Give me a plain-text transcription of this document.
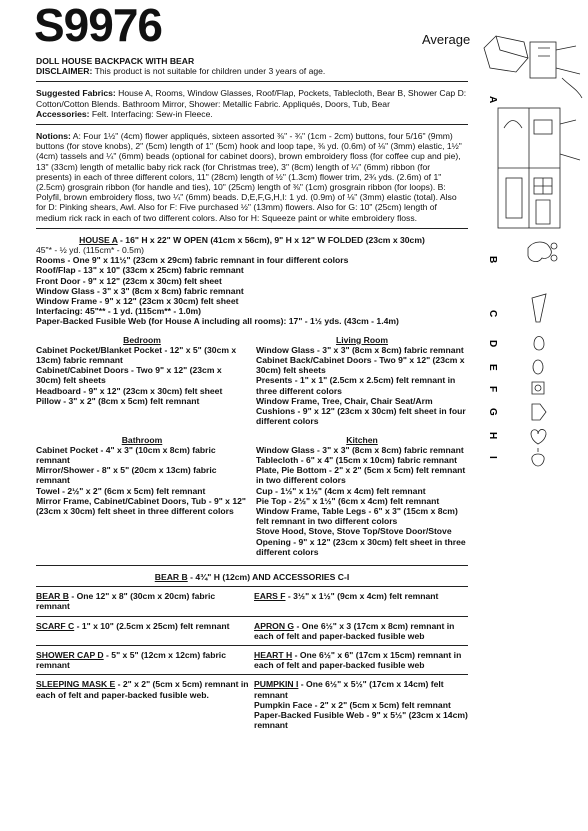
S9976	Average

DOLL HOUSE BACKPACK WITH BEAR

DISCLAIMER: This product is not suitable for children under 3 years of age.

Suggested Fabrics: House A, Rooms, Window Glasses, Roof/Flap, Pockets, Tablecloth, Bear B, Shower Cap D: Cotton/Cotton Blends. Bathroom Mirror, Shower: Metallic Fabric. Appliqués, Doors, Tub, Bear

Accessories: Felt. Interfacing: Sew-in Fleece.

Notions: A: Four 1½" (4cm) flower appliqués, sixteen assorted ⅜" - ¾" (1cm - 2cm) buttons, four 5/16" (9mm) buttons (for stove knobs), 2" (5cm) length of 1" (5cm) hook and loop tape, ⅜ yd. (0.6m) of ⅛" (3mm) elastic, 1½" (4cm) tassels and ¼" (6mm) beads (optional for cabinet doors), brown embroidery floss (for coffee cup and pie), 13" (33cm) length of metallic baby rick rack (for Christmas tree), 3" (8cm) length of ¼" (6mm) ribbon (for presents) in each of three different colors, 11" (28cm) length of ½" (1.3cm) flower trim, 2¾ yds. (2.6m) of 1" (2.5cm) grosgrain ribbon (for handle and ties), 10" (25cm) length of ⅜" (1cm) grosgrain ribbon (for loops). B: Polyfil, brown embroidery floss, two ¼" (6mm) beads. D,E,F,G,H,I: 1 yd. (0.9m) of ⅛" (3mm) elastic (total). Also for D: Pinking shears, Awl. Also for F: Five purchased ½" (13mm) flowers. Also for G: 10" (25cm) length of medium rick rack in each of two different colors. Also for H: Squeeze paint or white embroidery floss.

HOUSE A - 16" H x 22" W OPEN (41cm x 56cm), 9" H x 12" W FOLDED (23cm x 30cm)

45"* - ½ yd. (115cm* - 0.5m)

Rooms - One 9" x 11½" (23cm x 29cm) fabric remnant in four different colors

Roof/Flap - 13" x 10" (33cm x 25cm) fabric remnant

Front Door - 9" x 12" (23cm x 30cm) felt sheet

Window Glass - 3" x 3" (8cm x 8cm) fabric remnant

Window Frame - 9" x 12" (23cm x 30cm) felt sheet

Interfacing: 45"** - 1 yd. (115cm** - 1.0m)

Paper-Backed Fusible Web (for House A including all rooms): 17" - 1½ yds. (43cm - 1.4m)

Bedroom

Cabinet Pocket/Blanket Pocket - 12" x 5" (30cm x 13cm) fabric remnant

Cabinet/Cabinet Doors - Two 9" x 12" (23cm x 30cm) felt sheets

Headboard - 9" x 12" (23cm x 30cm) felt sheet

Pillow - 3" x 2" (8cm x 5cm) felt remnant

Living Room

Window Glass - 3" x 3" (8cm x 8cm) fabric remnant

Cabinet Back/Cabinet Doors - Two 9" x 12" (23cm x 30cm) felt sheets

Presents - 1" x 1" (2.5cm x 2.5cm) felt remnant in three different colors

Window Frame, Tree, Chair, Chair Seat/Arm Cushions - 9" x 12" (23cm x 30cm) felt sheet in four different colors

Bathroom

Cabinet Pocket - 4" x 3" (10cm x 8cm) fabric remnant

Mirror/Shower - 8" x 5" (20cm x 13cm) fabric remnant

Towel - 2½" x 2" (6cm x 5cm) felt remnant

Mirror Frame, Cabinet/Cabinet Doors, Tub - 9" x 12" (23cm x 30cm) felt sheet in three different colors

Kitchen

Window Glass - 3" x 3" (8cm x 8cm) fabric remnant

Tablecloth - 6" x 4" (15cm x 10cm) fabric remnant

Plate, Pie Bottom - 2" x 2" (5cm x 5cm) felt remnant in two different colors

Cup - 1½" x 1½" (4cm x 4cm) felt remnant

Pie Top - 2½" x 1½" (6cm x 4cm) felt remnant

Window Frame, Table Legs - 6" x 3" (15cm x 8cm) felt remnant in two different colors

Stove Hood, Stove, Stove Top/Stove Door/Stove Opening - 9" x 12" (23cm x 30cm) felt sheet in three different colors

BEAR B - 4¾" H (12cm) AND ACCESSORIES C-I

BEAR B - One 12" x 8" (30cm x 20cm) fabric remnant
EARS F - 3½" x 1½" (9cm x 4cm) felt remnant
SCARF C - 1" x 10" (2.5cm x 25cm) felt remnant	APRON G - One 6½" x 3 (17cm x 8cm) remnant in each of felt and paper-backed fusible web
SHOWER CAP D - 5" x 5" (12cm x 12cm) fabric remnant
HEART H - One 6½" x 6" (17cm x 15cm) remnant in each of felt and paper-backed fusible web
SLEEPING MASK E - 2" x 2" (5cm x 5cm) remnant in each of felt and paper-backed fusible web.
PUMPKIN I - One 6½" x 5½" (17cm x 14cm) felt remnant

Pumpkin Face - 2" x 2" (5cm x 5cm) felt remnant

Paper-Backed Fusible Web - 9" x 5½" (23cm x 14cm) remnant

A
B
C
D
E
F
G
H
I
